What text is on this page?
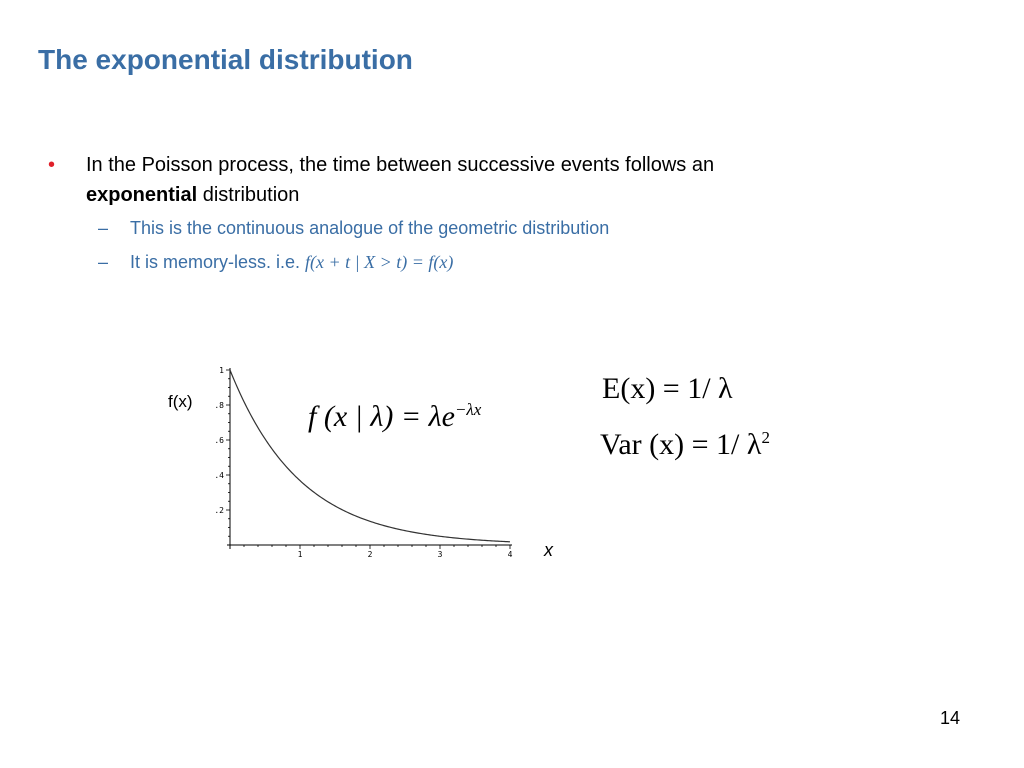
The exponential distribution
• In the Poisson process, the time between successive events follows an
exponential distribution
– This is the continuous analogue of the geometric distribution
– It is memory-less. i.e. f(x + t | X > t) = f(x)
f(x)
x
1	2	3	4
.2
.4
.6
.8
1
f (x | $\lambda) = \lambda e^{-\lambda x}$
E(x) = 1/ λ
Var (x) = 1/ $\lambda^2$
14
